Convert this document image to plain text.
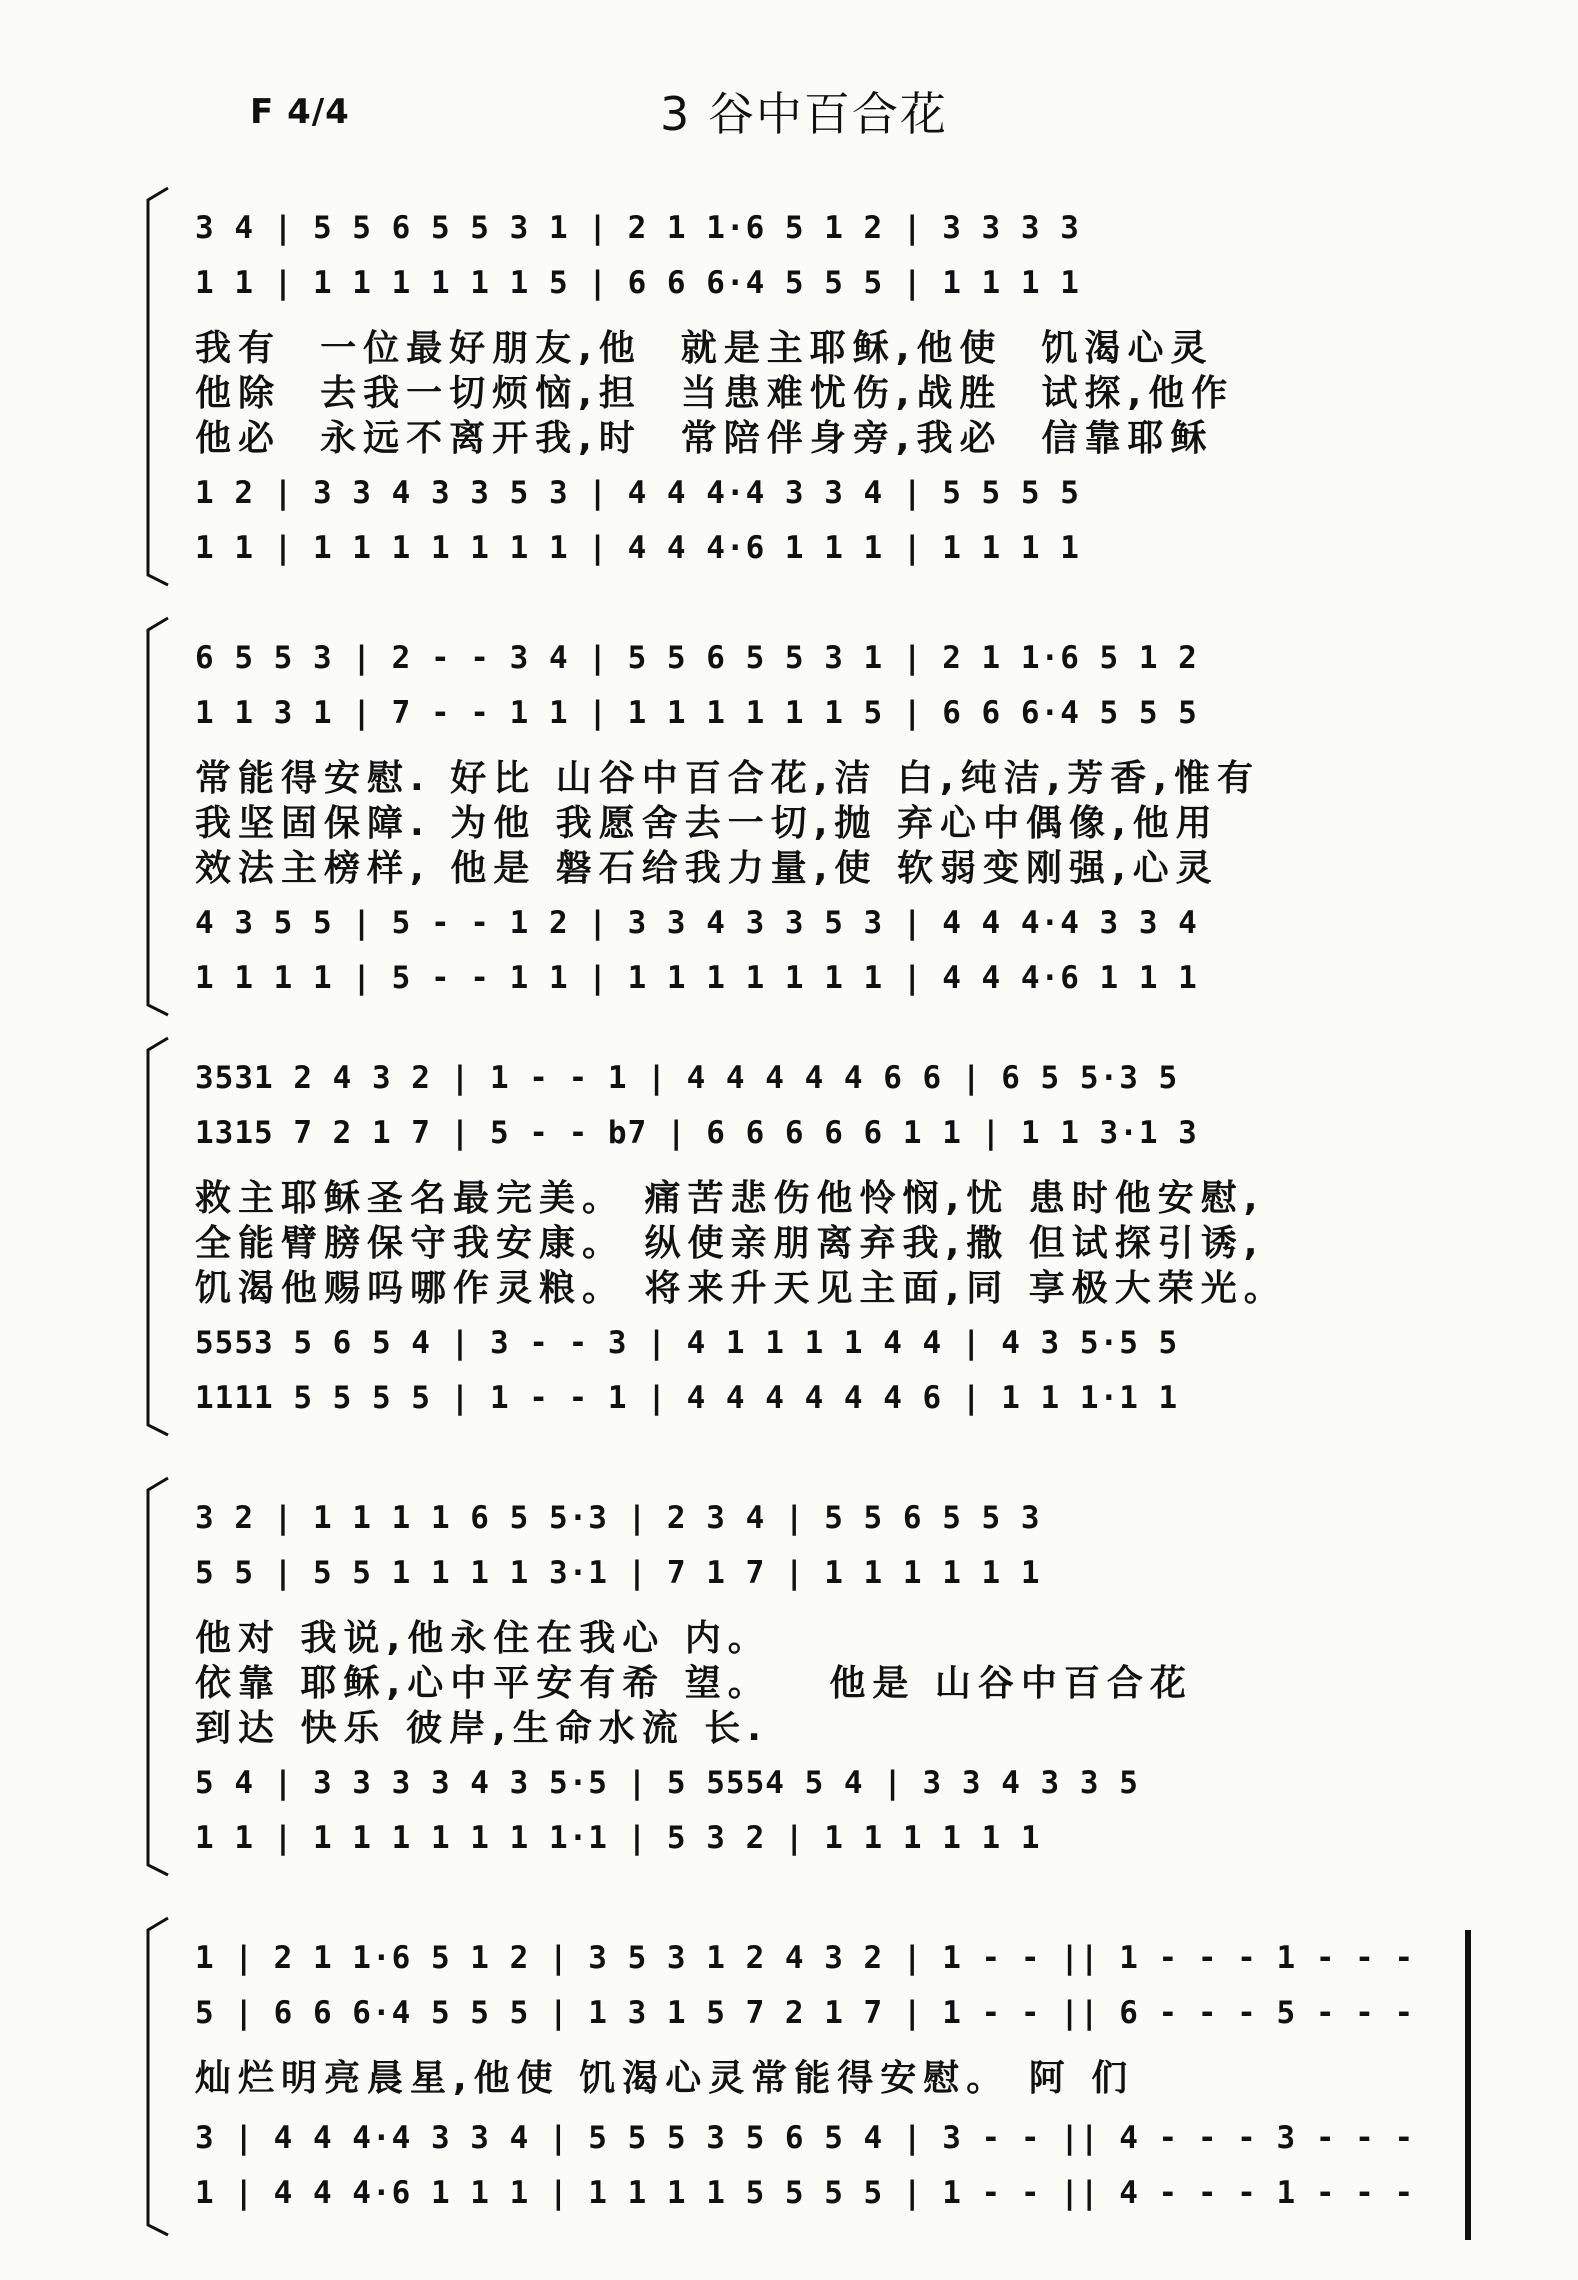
F 4/4	3 谷中百合花
3 4 | 5 5 6 5 5 3 1 | 2 1 1·6 5 1 2 | 3 3 3 3
1 1 | 1 1 1 1 1 1 5 | 6 6 6·4 5 5 5 | 1 1 1 1
我有  一位最好朋友,他  就是主耶稣,他使  饥渴心灵
他除  去我一切烦恼,担  当患难忧伤,战胜  试探,他作
他必  永远不离开我,时  常陪伴身旁,我必  信靠耶稣
1 2 | 3 3 4 3 3 5 3 | 4 4 4·4 3 3 4 | 5 5 5 5
1 1 | 1 1 1 1 1 1 1 | 4 4 4·6 1 1 1 | 1 1 1 1
6 5 5 3 | 2 - - 3 4 | 5 5 6 5 5 3 1 | 2 1 1·6 5 1 2
1 1 3 1 | 7 - - 1 1 | 1 1 1 1 1 1 5 | 6 6 6·4 5 5 5
常能得安慰. 好比 山谷中百合花,洁 白,纯洁,芳香,惟有
我坚固保障. 为他 我愿舍去一切,抛 弃心中偶像,他用
效法主榜样, 他是 磐石给我力量,使 软弱变刚强,心灵
4 3 5 5 | 5 - - 1 2 | 3 3 4 3 3 5 3 | 4 4 4·4 3 3 4
1 1 1 1 | 5 - - 1 1 | 1 1 1 1 1 1 1 | 4 4 4·6 1 1 1
3531 2 4 3 2 | 1 - - 1 | 4 4 4 4 4 6 6 | 6 5 5·3 5
1315 7 2 1 7 | 5 - - b7 | 6 6 6 6 6 1 1 | 1 1 3·1 3
救主耶稣圣名最完美。 痛苦悲伤他怜悯,忧 患时他安慰,
全能臂膀保守我安康。 纵使亲朋离弃我,撒 但试探引诱,
饥渴他赐吗哪作灵粮。 将来升天见主面,同 享极大荣光。
5553 5 6 5 4 | 3 - - 3 | 4 1 1 1 1 4 4 | 4 3 5·5 5
1111 5 5 5 5 | 1 - - 1 | 4 4 4 4 4 4 6 | 1 1 1·1 1
3 2 | 1 1 1 1 6 5 5·3 | 2 3 4 | 5 5 6 5 5 3
5 5 | 5 5 1 1 1 1 3·1 | 7 1 7 | 1 1 1 1 1 1
他对 我说,他永住在我心 内。
依靠 耶稣,心中平安有希 望。   他是 山谷中百合花
到达 快乐 彼岸,生命水流 长.
5 4 | 3 3 3 3 4 3 5·5 | 5 5554 5 4 | 3 3 4 3 3 5
1 1 | 1 1 1 1 1 1 1·1 | 5 3 2 | 1 1 1 1 1 1
1 | 2 1 1·6 5 1 2 | 3 5 3 1 2 4 3 2 | 1 - - || 1 - - - 1 - - -
5 | 6 6 6·4 5 5 5 | 1 3 1 5 7 2 1 7 | 1 - - || 6 - - - 5 - - -
灿烂明亮晨星,他使 饥渴心灵常能得安慰。 阿 们
3 | 4 4 4·4 3 3 4 | 5 5 5 3 5 6 5 4 | 3 - - || 4 - - - 3 - - -
1 | 4 4 4·6 1 1 1 | 1 1 1 1 5 5 5 5 | 1 - - || 4 - - - 1 - - -
